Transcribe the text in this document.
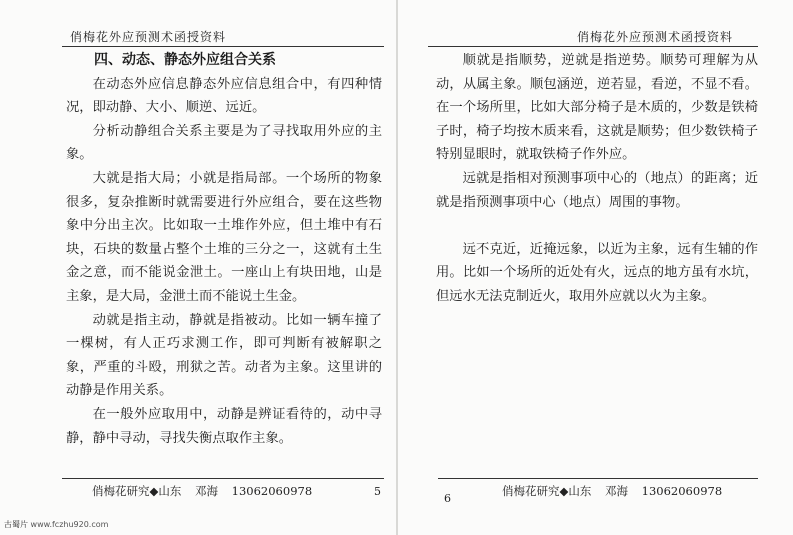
俏梅花外应预测术函授资料

四、动态、静态外应组合关系

在动态外应信息静态外应信息组合中，有四种情况，即动静、大小、顺逆、远近。

分析动静组合关系主要是为了寻找取用外应的主象。

大就是指大局；小就是指局部。一个场所的物象很多，复杂推断时就需要进行外应组合，要在这些物象中分出主次。比如取一土堆作外应，但土堆中有石块，石块的数量占整个土堆的三分之一，这就有土生金之意，而不能说金泄土。一座山上有块田地，山是主象，是大局，金泄土而不能说土生金。

动就是指主动，静就是指被动。比如一辆车撞了一棵树，有人正巧求测工作，即可判断有被解职之象，严重的斗殴，刑狱之苦。动者为主象。这里讲的动静是作用关系。

在一般外应取用中，动静是辨证看待的，动中寻静，静中寻动，寻找失衡点取作主象。

俏梅花研究◆山东 邓海 13062060978	5
俏梅花外应预测术函授资料

顺就是指顺势，逆就是指逆势。顺势可理解为从动，从属主象。顺包涵逆，逆若显，看逆，不显不看。在一个场所里，比如大部分椅子是木质的，少数是铁椅子时，椅子均按木质来看，这就是顺势；但少数铁椅子特别显眼时，就取铁椅子作外应。

远就是指相对预测事项中心的（地点）的距离；近就是指预测事项中心（地点）周围的事物。

远不克近，近掩远象，以近为主象，远有生辅的作用。比如一个场所的近处有火，远点的地方虽有水坑，但远水无法克制近火，取用外应就以火为主象。

6
俏梅花研究◆山东 邓海 13062060978
古蜀片 www.fczhu920.com
